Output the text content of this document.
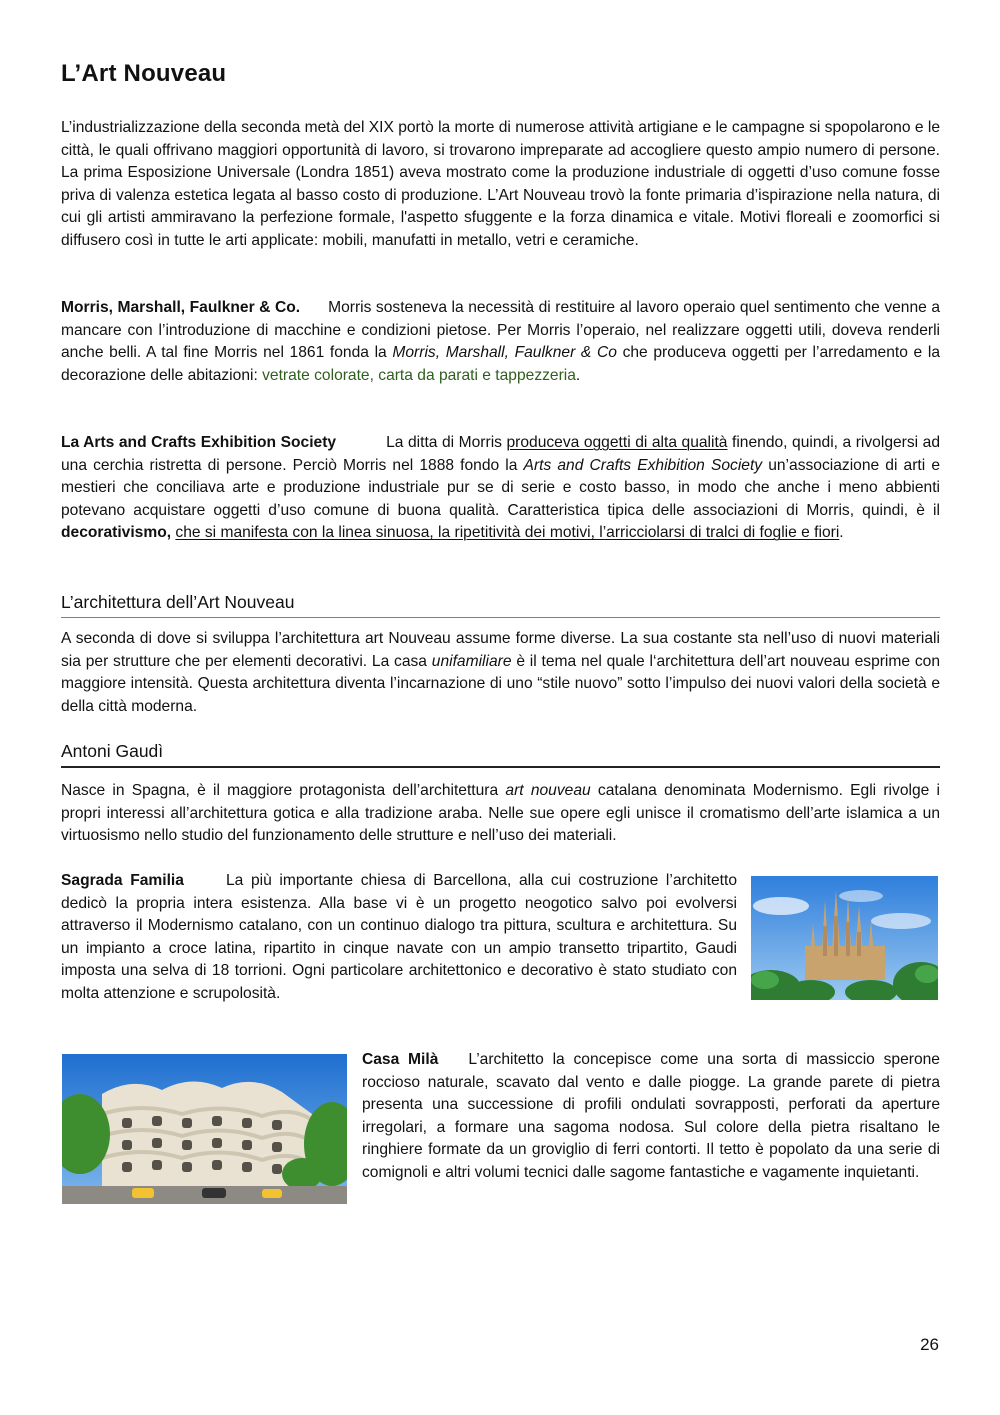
L’Art Nouveau

L’industrializzazione della seconda metà del XIX portò la morte di numerose attività artigiane e le campagne si spopolarono e le città, le quali offrivano maggiori opportunità di lavoro, si trovarono impreparate ad accogliere questo ampio numero di persone. La prima Esposizione Universale (Londra 1851) aveva mostrato come la produzione industriale di oggetti d’uso comune fosse priva di valenza estetica legata al basso costo di produzione. L’Art Nouveau trovò la fonte primaria d’ispirazione nella natura, di cui gli artisti ammiravano la perfezione formale, l'aspetto sfuggente e la forza dinamica e vitale. Motivi floreali e zoomorfici si diffusero così in tutte le arti applicate: mobili, manufatti in metallo, vetri e ceramiche.

Morris, Marshall, Faulkner & Co. Morris sosteneva la necessità di restituire al lavoro operaio quel sentimento che venne a mancare con l’introduzione di macchine e condizioni pietose. Per Morris l’operaio, nel realizzare oggetti utili, doveva renderli anche belli. A tal fine Morris nel 1861 fonda la Morris, Marshall, Faulkner & Co che produceva oggetti per l’arredamento e la decorazione delle abitazioni: vetrate colorate, carta da parati e tappezzeria.

La Arts and Crafts Exhibition Society	La ditta di Morris produceva oggetti di alta qualità finendo, quindi, a rivolgersi ad una cerchia ristretta di persone. Perciò Morris nel 1888 fondo la Arts and Crafts Exhibition Society un’associazione di arti e mestieri che conciliava arte e produzione industriale pur se di serie e costo basso, in modo che anche i meno abbienti potevano acquistare oggetti d’uso comune di buona qualità. Caratteristica tipica delle associazioni di Morris, quindi, è il decorativismo, che si manifesta con la linea sinuosa, la ripetitività dei motivi, l’arricciolarsi di tralci di foglie e fiori.

L’architettura dell’Art Nouveau

A seconda di dove si sviluppa l’architettura art Nouveau assume forme diverse. La sua costante sta nell’uso di nuovi materiali sia per strutture che per elementi decorativi. La casa unifamiliare è il tema nel quale l‘architettura dell’art nouveau esprime con maggiore intensità. Questa architettura diventa l’incarnazione di uno “stile nuovo” sotto l’impulso dei nuovi valori della società e della città moderna.

Antoni Gaudì

Nasce in Spagna, è il maggiore protagonista dell’architettura art nouveau catalana denominata Modernismo. Egli rivolge i propri interessi all’architettura gotica e alla tradizione araba. Nelle sue opere egli unisce il cromatismo dell’arte islamica a un virtuosismo nello studio del funzionamento delle strutture e nell’uso dei materiali.

Sagrada Familia	La più importante chiesa di Barcellona, alla cui costruzione l’architetto dedicò la propria intera esistenza. Alla base vi è un progetto neogotico salvo poi evolversi attraverso il Modernismo catalano, con un continuo dialogo tra pittura, scultura e architettura. Su un impianto a croce latina, ripartito in cinque navate con un ampio transetto tripartito, Gaudi imposta una selva di 18 torrioni. Ogni particolare architettonico e decorativo è stato studiato con molta attenzione e scrupolosità.

Casa Milà L’architetto la concepisce come una sorta di massiccio sperone roccioso naturale, scavato dal vento e dalle piogge. La grande parete di pietra presenta una successione di profili ondulati sovrapposti, perforati da aperture irregolari, a formare una sagoma nodosa. Sul colore della pietra risaltano le ringhiere formate da un groviglio di ferri contorti. Il tetto è popolato da una serie di comignoli e altri volumi tecnici dalle sagome fantastiche e vagamente inquietanti.

26
